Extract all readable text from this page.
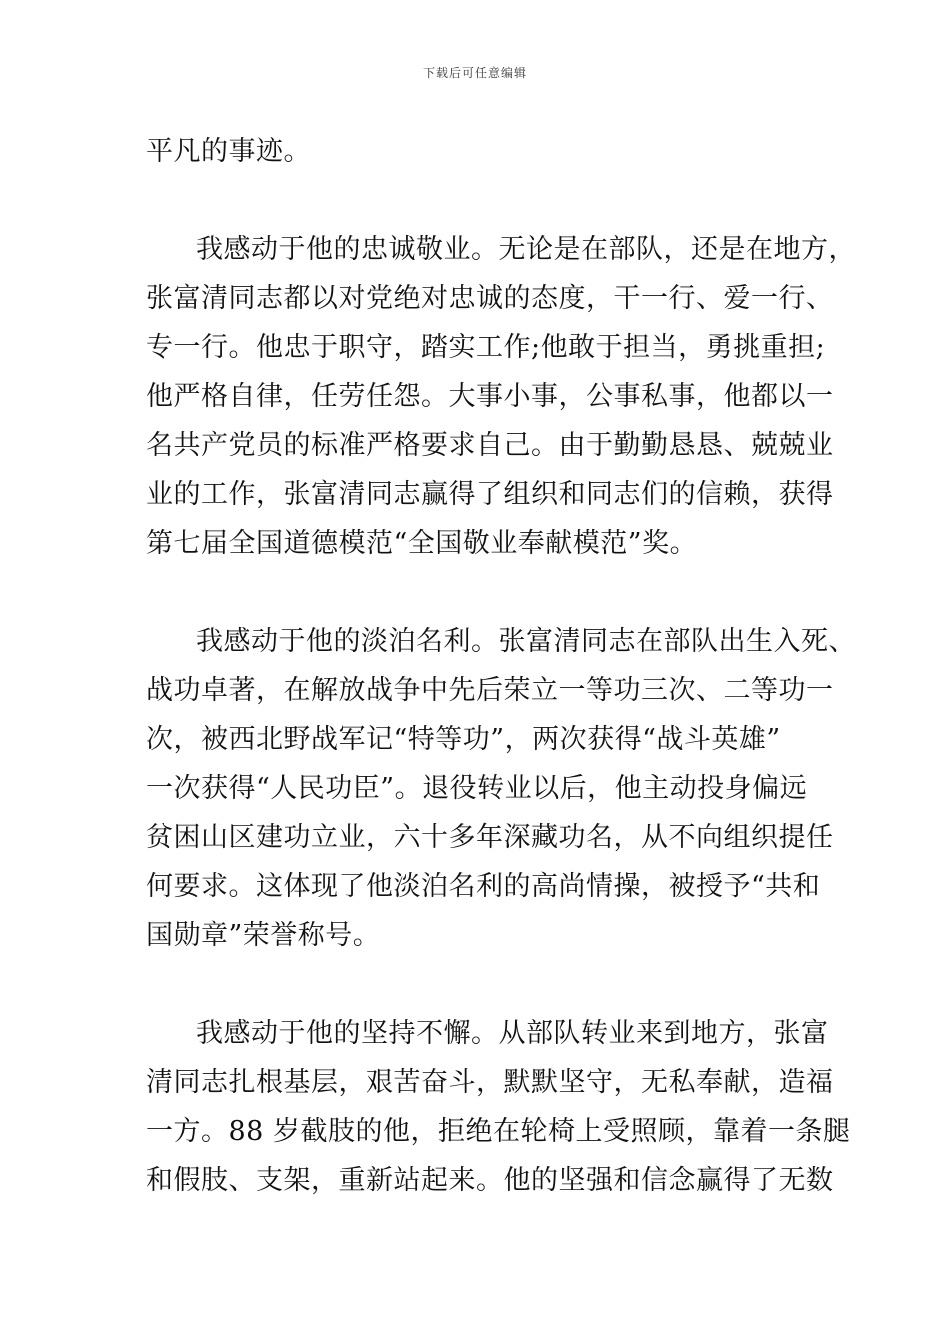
下载后可任意编辑
平凡的事迹。
我感动于他的忠诚敬业。无论是在部队，还是在地方，
张富清同志都以对党绝对忠诚的态度，干一行、爱一行、
专一行。他忠于职守，踏实工作;他敢于担当，勇挑重担;
他严格自律，任劳任怨。大事小事，公事私事，他都以一
名共产党员的标准严格要求自己。由于勤勤恳恳、兢兢业
业的工作，张富清同志赢得了组织和同志们的信赖，获得
第七届全国道德模范“全国敬业奉献模范”奖。
我感动于他的淡泊名利。张富清同志在部队出生入死、
战功卓著，在解放战争中先后荣立一等功三次、二等功一
次，被西北野战军记“特等功”，两次获得“战斗英雄”
一次获得“人民功臣”。退役转业以后，他主动投身偏远
贫困山区建功立业，六十多年深藏功名，从不向组织提任
何要求。这体现了他淡泊名利的高尚情操，被授予“共和
国勋章”荣誉称号。
我感动于他的坚持不懈。从部队转业来到地方，张富
清同志扎根基层，艰苦奋斗，默默坚守，无私奉献，造福
一方。88 岁截肢的他，拒绝在轮椅上受照顾，靠着一条腿
和假肢、支架，重新站起来。他的坚强和信念赢得了无数
